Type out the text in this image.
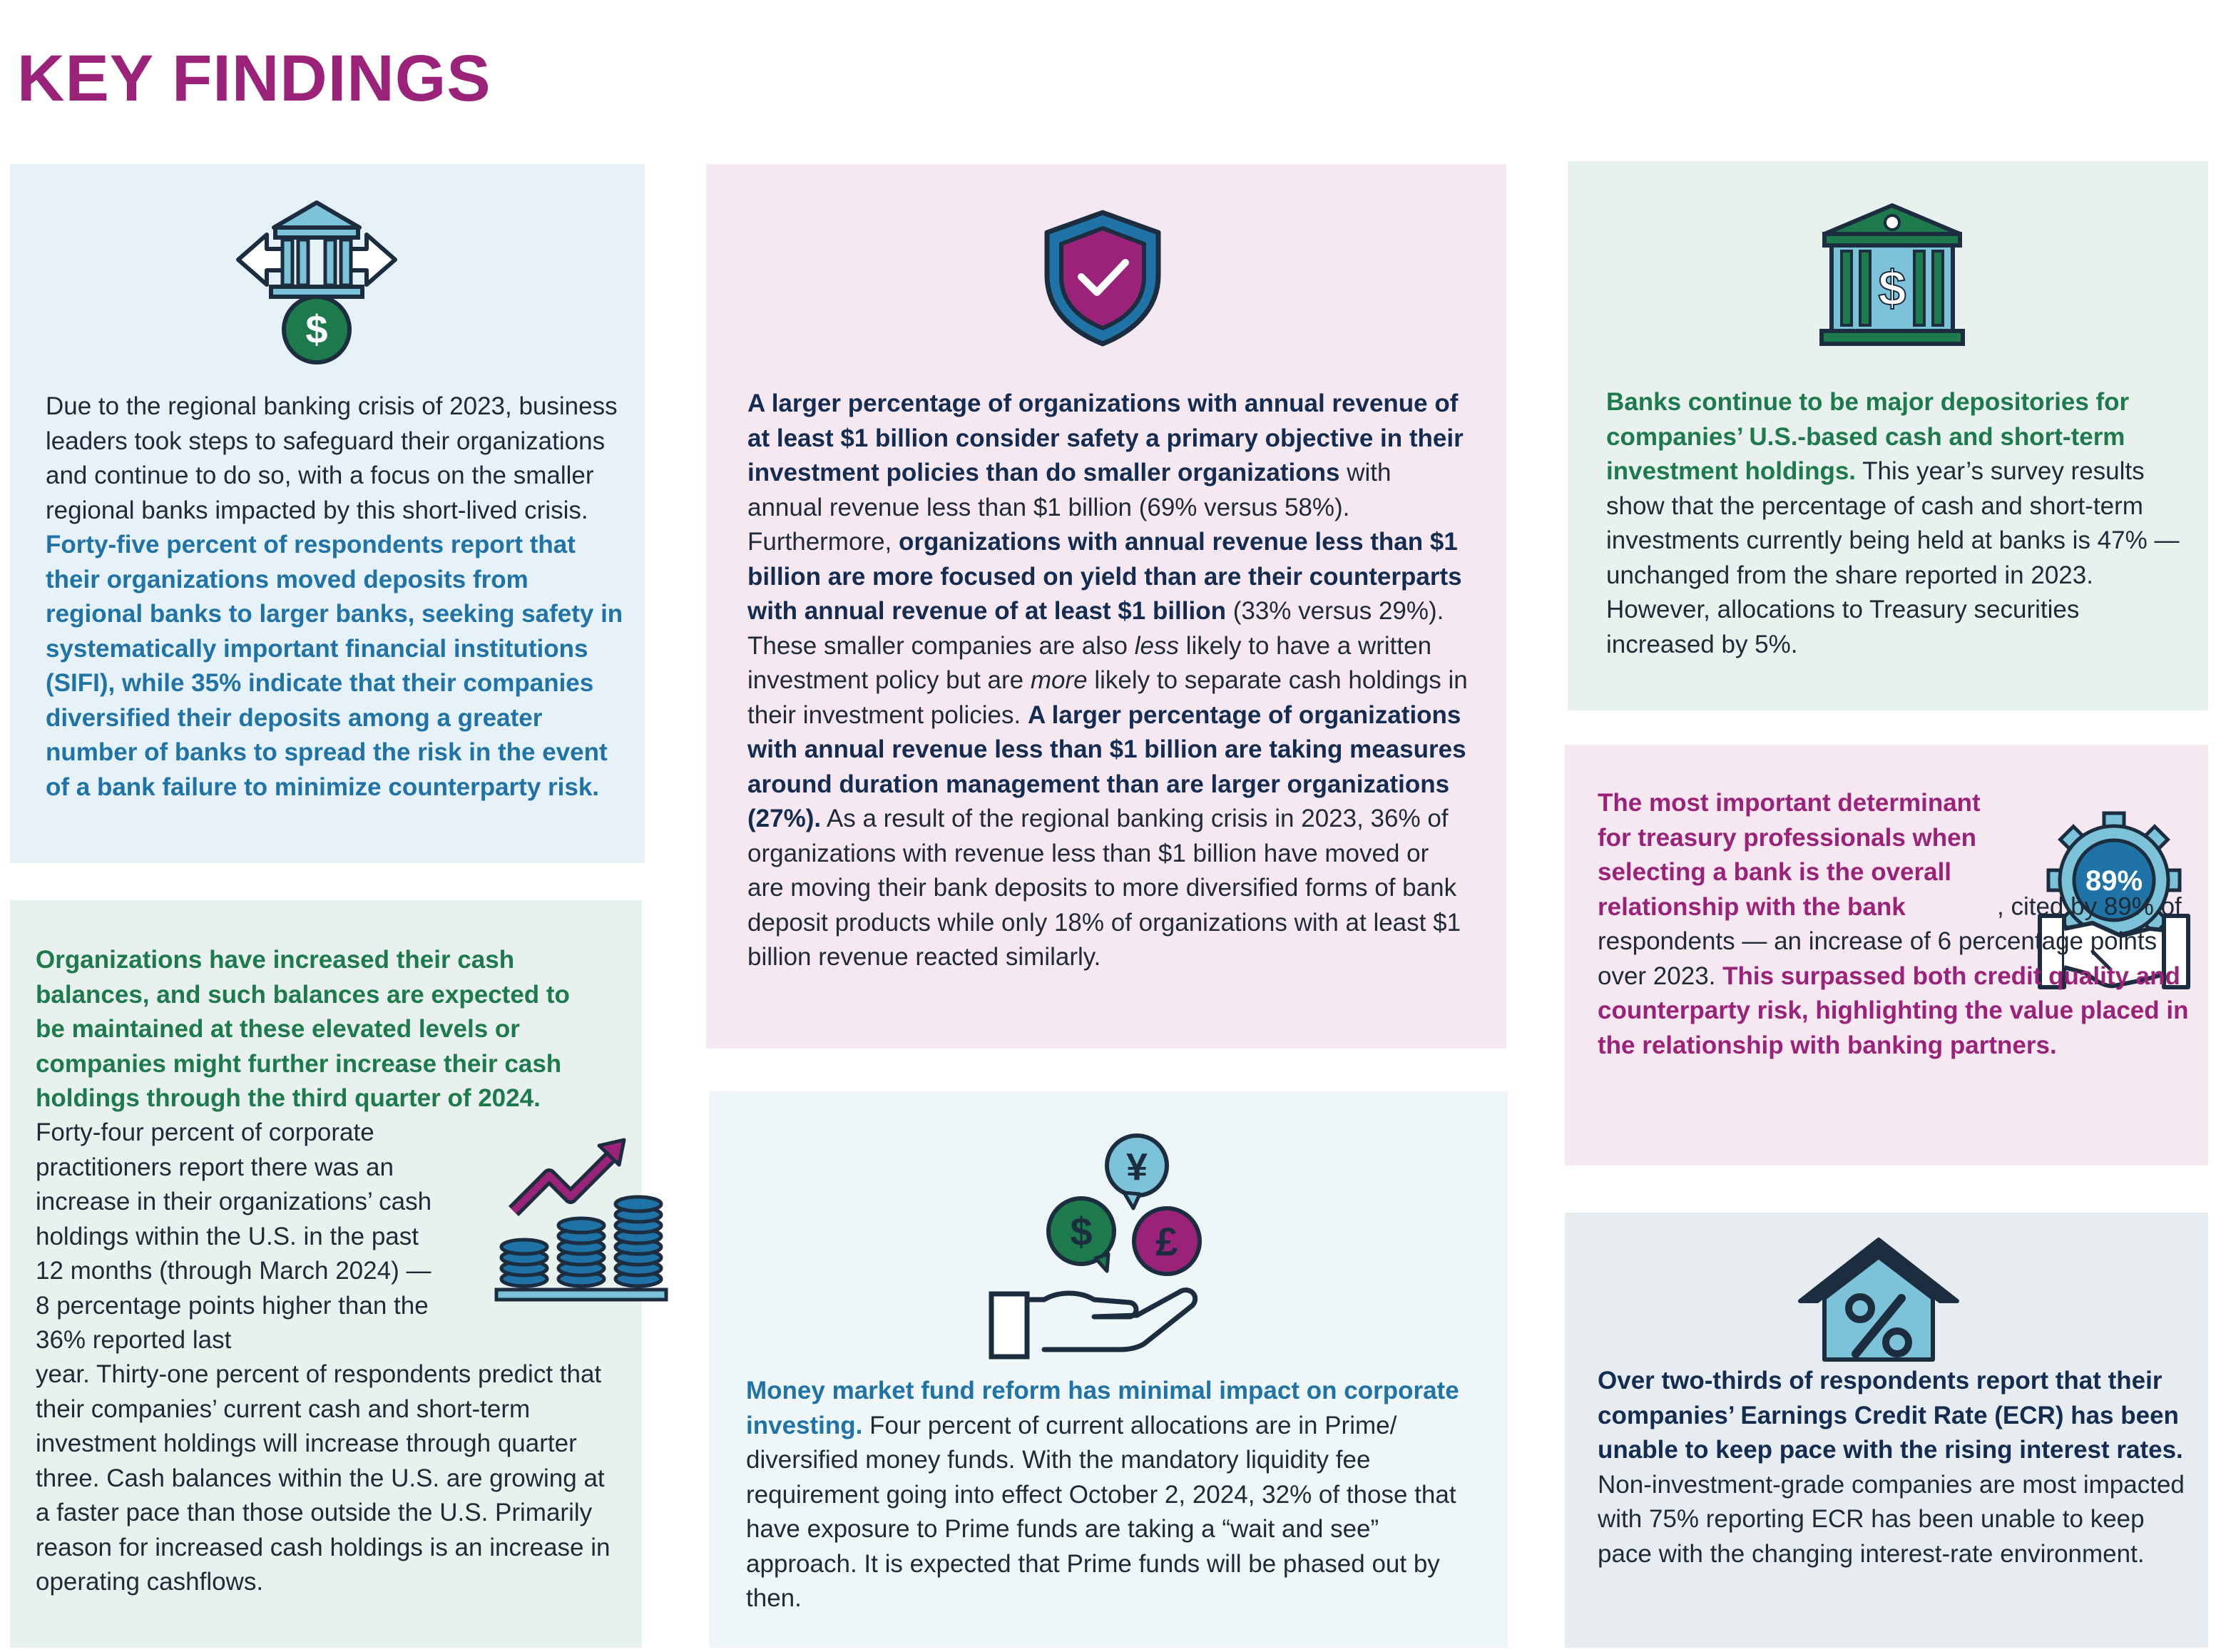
KEY FINDINGS
$

Due to the regional banking crisis of 2023, business leaders took steps to safeguard their organizations and continue to do so, with a focus on the smaller regional banks impacted by this short-lived crisis. Forty-five percent of respondents report that their organizations moved deposits from regional banks to larger banks, seeking safety in systematically important financial institutions (SIFI), while 35% indicate that their companies diversified their deposits among a greater number of banks to spread the risk in the event of a bank failure to minimize counterparty risk.

Organizations have increased their cash balances, and such balances are expected to be maintained at these elevated levels or companies might further increase their cash holdings through the third quarter of 2024.

Forty-four percent of corporate practitioners report there was an increase in their organizations’ cash holdings within the U.S. in the past 12 months (through March 2024) — 8 percentage points higher than the 36% reported last

year. Thirty-one percent of respondents predict that their companies’ current cash and short-term investment holdings will increase through quarter three. Cash balances within the U.S. are growing at a faster pace than those outside the U.S. Primarily reason for increased cash holdings is an increase in operating cashflows.

A larger percentage of organizations with annual revenue of at least $1 billion consider safety a primary objective in their investment policies than do smaller organizations with annual revenue less than $1 billion (69% versus 58%). Furthermore, organizations with annual revenue less than $1 billion are more focused on yield than are their counterparts with annual revenue of at least $1 billion (33% versus 29%). These smaller companies are also less likely to have a written investment policy but are more likely to separate cash holdings in their investment policies. A larger percentage of organizations with annual revenue less than $1 billion are taking measures around duration management than are larger organizations (27%). As a result of the regional banking crisis in 2023, 36% of organizations with revenue less than $1 billion have moved or are moving their bank deposits to more diversified forms of bank deposit products while only 18% of organizations with at least $1 billion revenue reacted similarly.

¥
$ £

Money market fund reform has minimal impact on corporate investing. Four percent of current allocations are in Prime/ diversified money funds. With the mandatory liquidity fee requirement going into effect October 2, 2024, 32% of those that have exposure to Prime funds are taking a “wait and see” approach. It is expected that Prime funds will be phased out by then.

$

Banks continue to be major depositories for companies’ U.S.-based cash and short-term investment holdings. This year’s survey results show that the percentage of cash and short-term investments currently being held at banks is 47% — unchanged from the share reported in 2023. However, allocations to Treasury securities increased by 5%.

89%

The most important determinant for treasury professionals when selecting a bank is the overall relationship with the bank	, cited by 89% of respondents — an increase of 6 percentage points over 2023. This surpassed both credit quality and counterparty risk, highlighting the value placed in the relationship with banking partners.

Over two-thirds of respondents report that their companies’ Earnings Credit Rate (ECR) has been unable to keep pace with the rising interest rates. Non-investment-grade companies are most impacted with 75% reporting ECR has been unable to keep pace with the changing interest-rate environment.
